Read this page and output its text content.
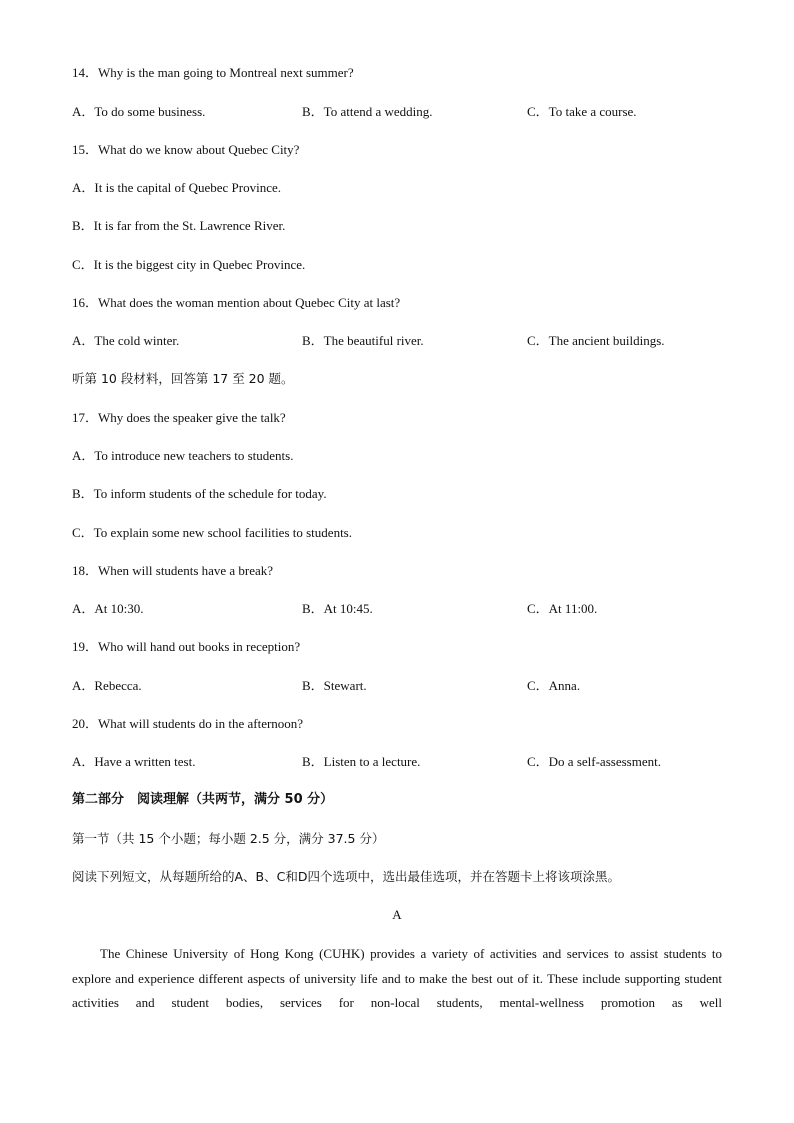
14．Why is the man going to Montreal next summer?
A．To do some business.	B．To attend a wedding.	C．To take a course.
15．What do we know about Quebec City?
A．It is the capital of Quebec Province.
B．It is far from the St. Lawrence River.
C．It is the biggest city in Quebec Province.
16．What does the woman mention about Quebec City at last?
A．The cold winter.	B．The beautiful river.	C．The ancient buildings.
听第 10 段材料，回答第 17 至 20 题。
17．Why does the speaker give the talk?
A．To introduce new teachers to students.
B．To inform students of the schedule for today.
C．To explain some new school facilities to students.
18．When will students have a break?
A．At 10:30.	B．At 10:45.	C．At 11:00.
19．Who will hand out books in reception?
A．Rebecca.	B．Stewart.	C．Anna.
20．What will students do in the afternoon?
A．Have a written test.	B．Listen to a lecture.	C．Do a self-assessment.
第二部分　阅读理解（共两节，满分 50 分）
第一节（共 15 个小题；每小题 2.5 分，满分 37.5 分）
阅读下列短文，从每题所给的A、B、C和D四个选项中，选出最佳选项，并在答题卡上将该项涂黑。
A

The Chinese University of Hong Kong (CUHK) provides a variety of activities and services to assist students to explore and experience different aspects of university life and to make the best out of it. These include supporting student activities and student bodies, services for non-local students, mental-wellness promotion as well
